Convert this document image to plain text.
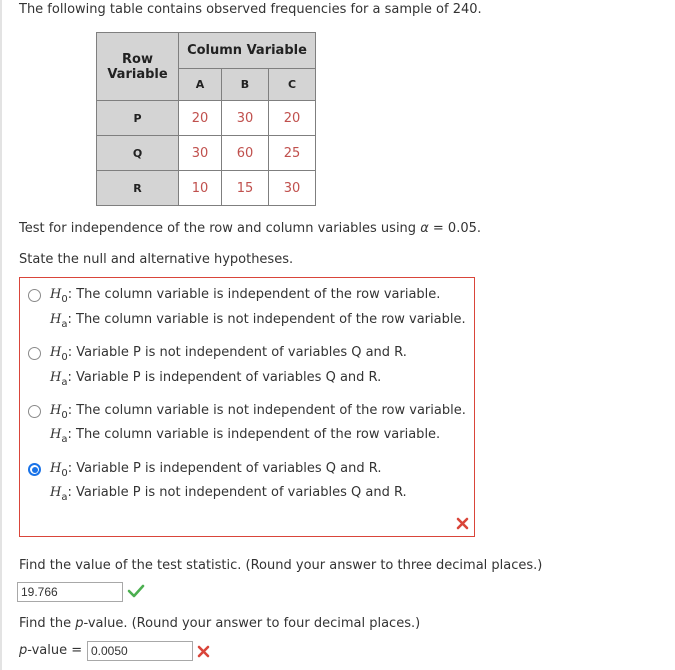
The following table contains observed frequencies for a sample of 240.
Row
Variable	Column Variable		
	A	B	C
P	20	30	20
Q	30	60	25
R	10	15	30
Test for independence of the row and column variables using α = 0.05.
State the null and alternative hypotheses.
$H_0$: The column variable is independent of the row variable.
$H_a$: The column variable is not independent of the row variable.
$H_0$: Variable P is not independent of variables Q and R.
$H_a$: Variable P is independent of variables Q and R.
$H_0$: The column variable is not independent of the row variable.
$H_a$: The column variable is independent of the row variable.
$H_0$: Variable P is independent of variables Q and R.
$H_a$: Variable P is not independent of variables Q and R.
Find the value of the test statistic. (Round your answer to three decimal places.)
19.766
Find the p-value. (Round your answer to four decimal places.)
p-value = 0.0050
